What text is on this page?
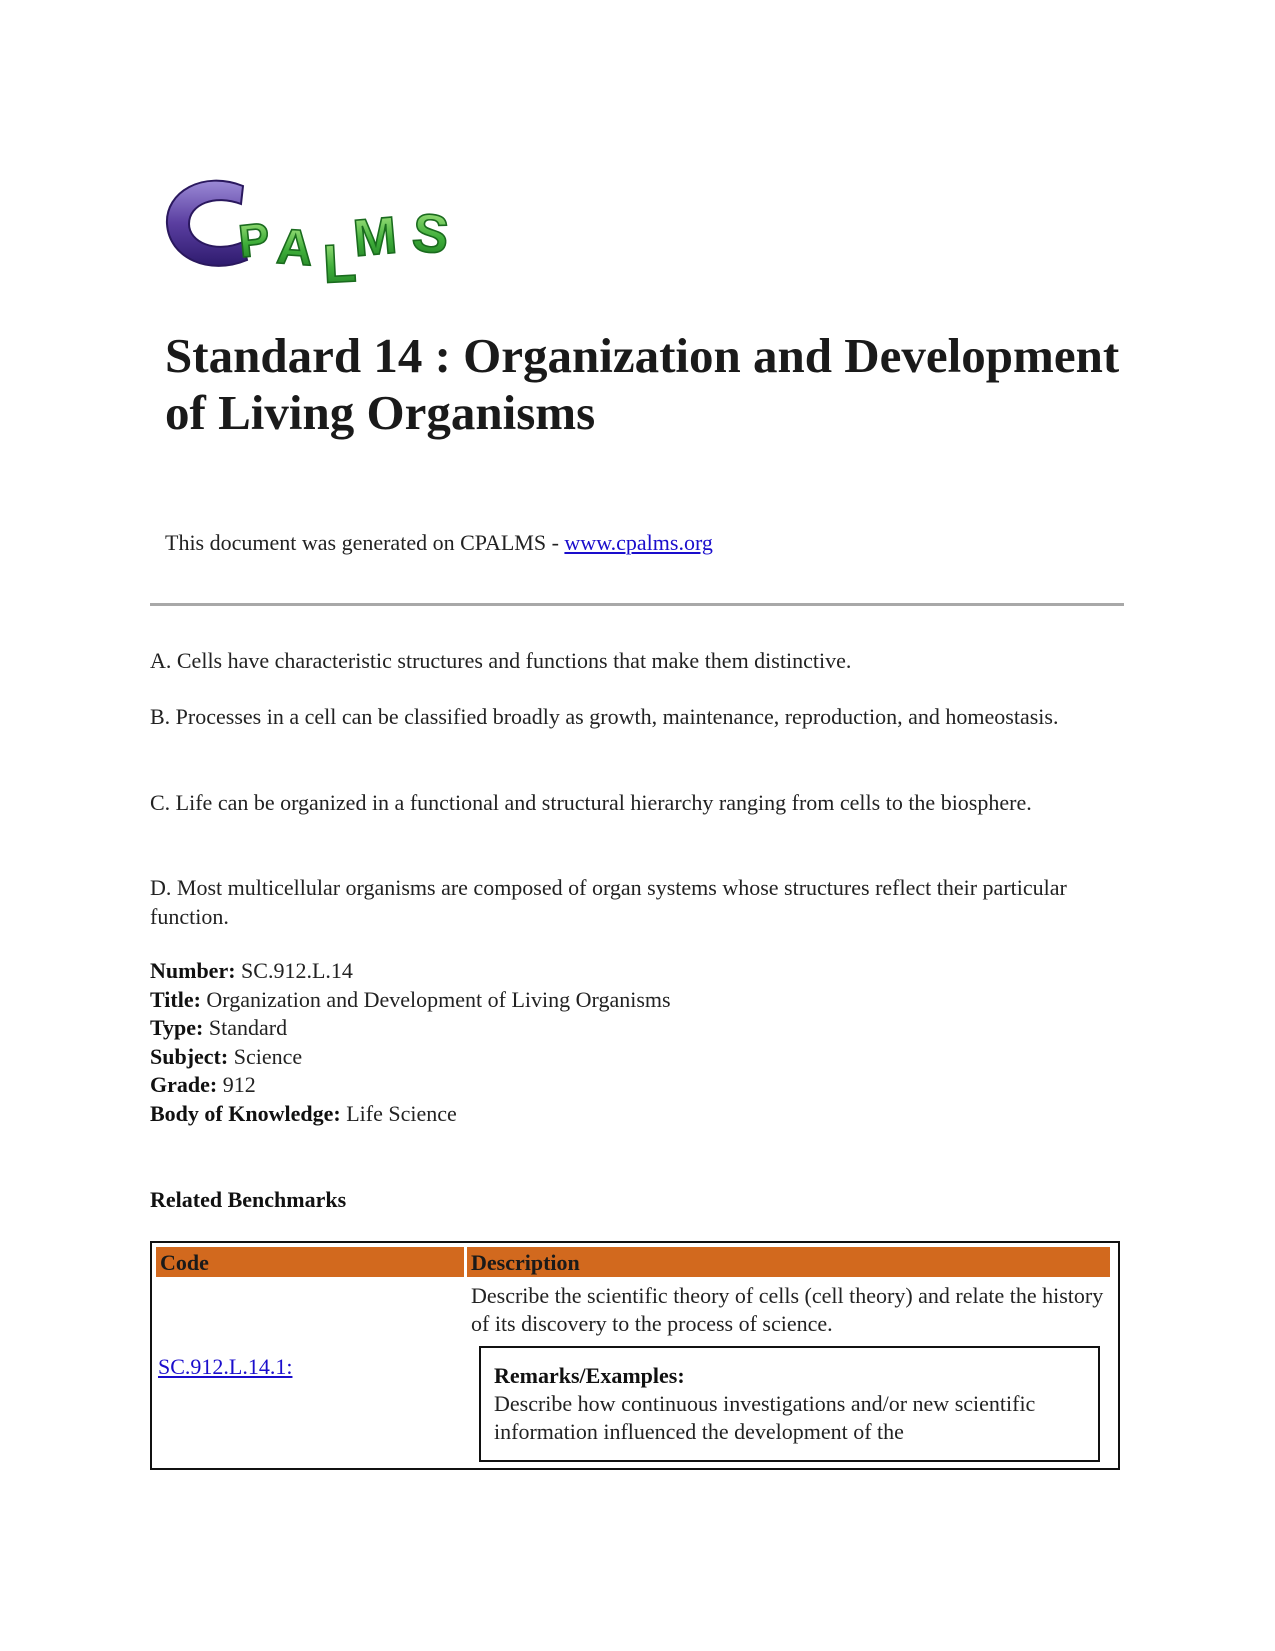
P A L
M S
Standard 14 : Organization and Development of Living Organisms
This document was generated on CPALMS - www.cpalms.org

A. Cells have characteristic structures and functions that make them distinctive.

B. Processes in a cell can be classified broadly as growth, maintenance, reproduction, and homeostasis.

C. Life can be organized in a functional and structural hierarchy ranging from cells to the biosphere.

D. Most multicellular organisms are composed of organ systems whose structures reflect their particular function.

Number: SC.912.L.14
Title: Organization and Development of Living Organisms
Type: Standard
Subject: Science
Grade: 912
Body of Knowledge: Life Science
Related Benchmarks
Code	Description
SC.912.L.14.1:
Describe the scientific theory of cells (cell theory) and relate the history of its discovery to the process of science.
Remarks/Examples:
Describe how continuous investigations and/or new scientific information influenced the development of the
